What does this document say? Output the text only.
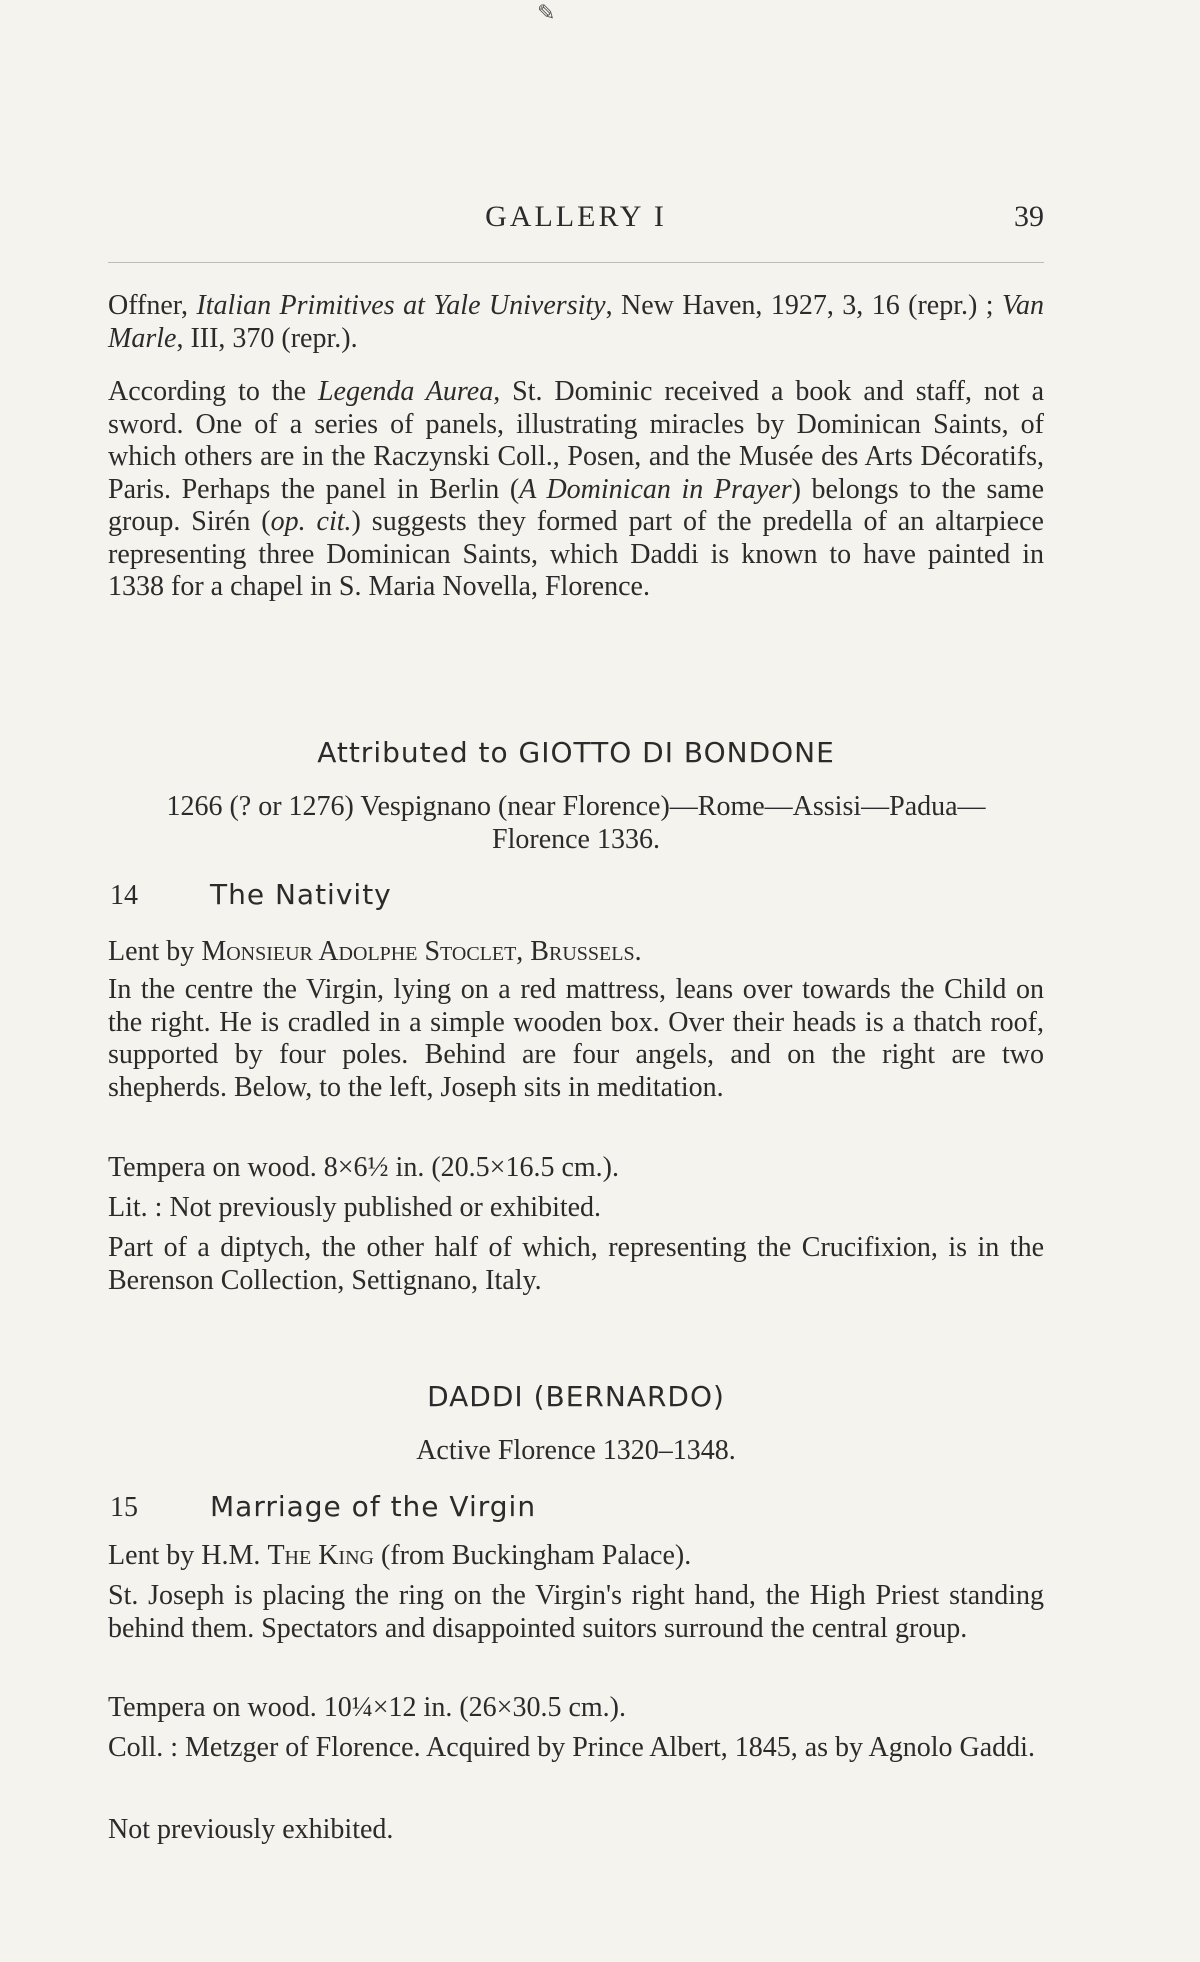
✎
GALLERY I	39

Offner, Italian Primitives at Yale University, New Haven, 1927, 3, 16 (repr.) ; Van Marle, III, 370 (repr.).

According to the Legenda Aurea, St. Dominic received a book and staff, not a sword. One of a series of panels, illustrating miracles by Dominican Saints, of which others are in the Raczynski Coll., Posen, and the Musée des Arts Décoratifs, Paris. Perhaps the panel in Berlin (A Dominican in Prayer) belongs to the same group. Sirén (op. cit.) suggests they formed part of the predella of an altarpiece representing three Dominican Saints, which Daddi is known to have painted in 1338 for a chapel in S. Maria Novella, Florence.

Attributed to GIOTTO DI BONDONE
1266 (? or 1276) Vespignano (near Florence)—Rome—Assisi—Padua—Florence 1336.
14	The Nativity

Lent by Monsieur Adolphe Stoclet, Brussels.

In the centre the Virgin, lying on a red mattress, leans over towards the Child on the right. He is cradled in a simple wooden box. Over their heads is a thatch roof, supported by four poles. Behind are four angels, and on the right are two shepherds. Below, to the left, Joseph sits in meditation.

Tempera on wood. 8×6½ in. (20.5×16.5 cm.).

Lit. : Not previously published or exhibited.

Part of a diptych, the other half of which, representing the Crucifixion, is in the Berenson Collection, Settignano, Italy.

DADDI (BERNARDO)
Active Florence 1320–1348.
15	Marriage of the Virgin

Lent by H.M. The King (from Buckingham Palace).

St. Joseph is placing the ring on the Virgin's right hand, the High Priest standing behind them. Spectators and disappointed suitors surround the central group.

Tempera on wood. 10¼×12 in. (26×30.5 cm.).

Coll. : Metzger of Florence. Acquired by Prince Albert, 1845, as by Agnolo Gaddi.

Not previously exhibited.
